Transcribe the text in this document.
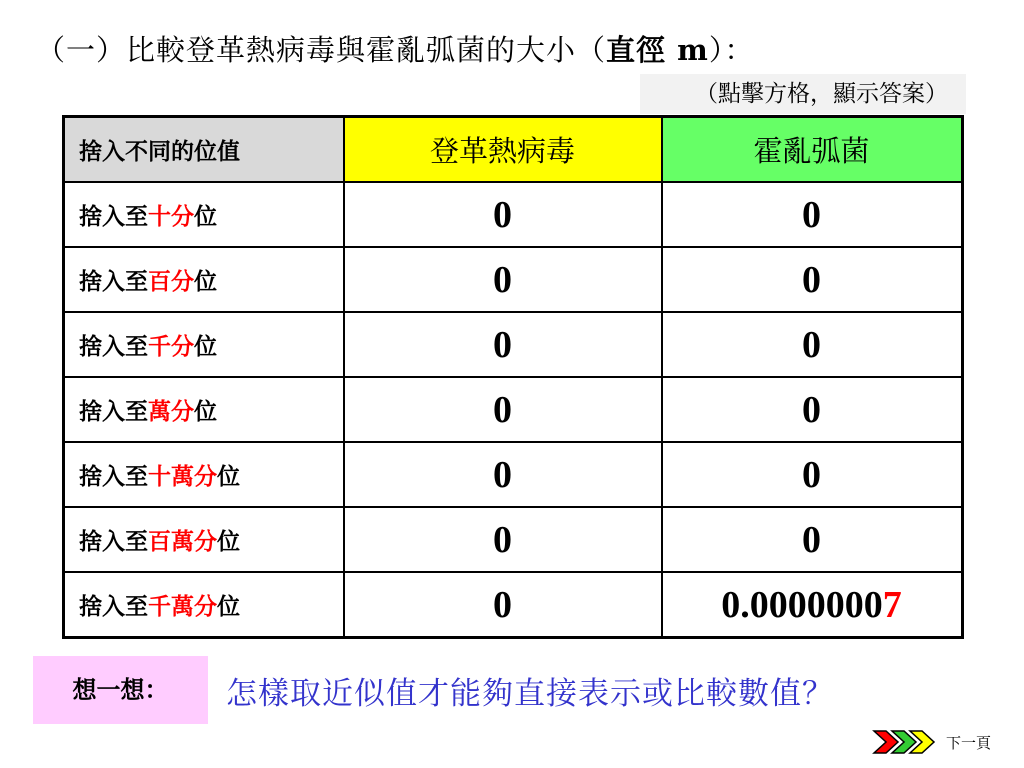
（一）比較登革熱病毒與霍亂弧菌的大小（直徑 m）：
（點擊方格，顯示答案）
捨入不同的位值	登革熱病毒	霍亂弧菌
捨入至十分位	0	0
捨入至百分位	0	0
捨入至千分位	0	0
捨入至萬分位	0	0
捨入至十萬分位	0	0
捨入至百萬分位	0	0
捨入至千萬分位	0	0.00000007
想一想：	怎樣取近似值才能夠直接表示或比較數值？
下一頁
